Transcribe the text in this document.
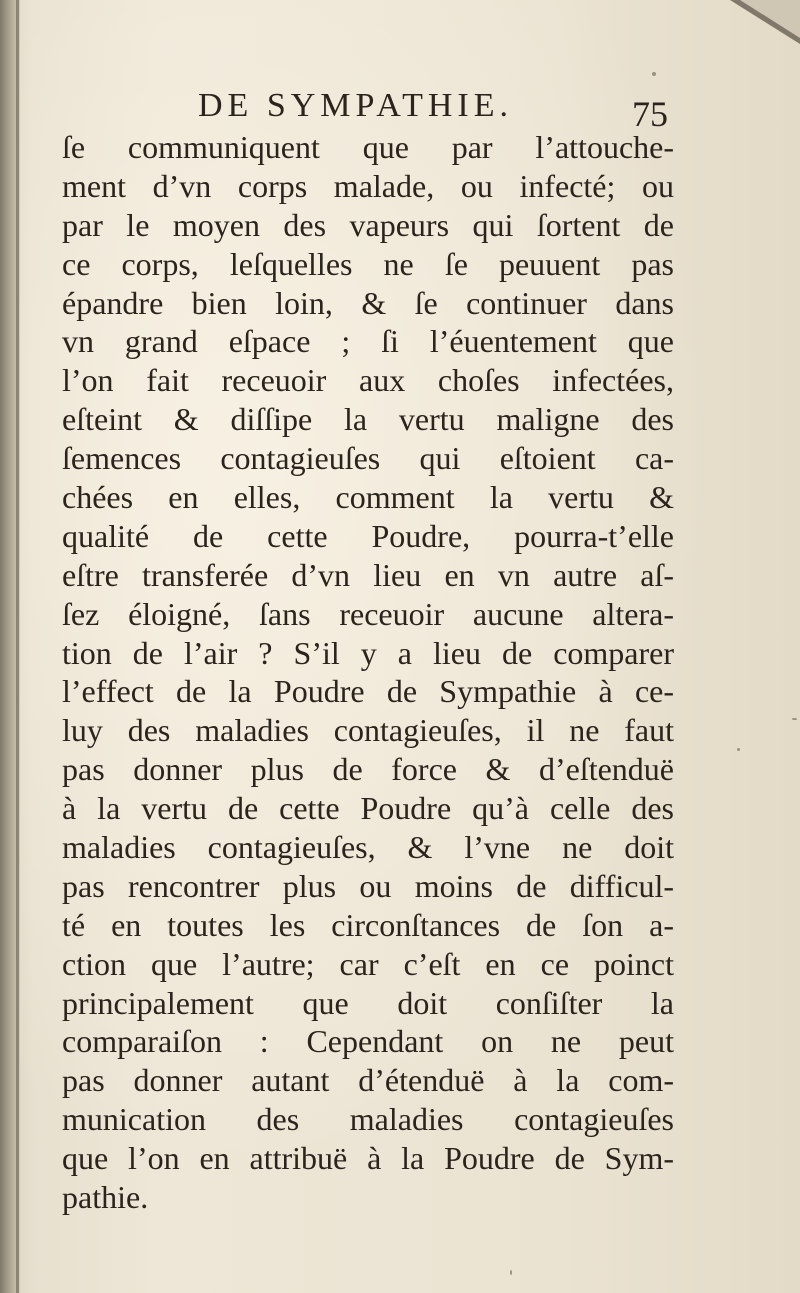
DE SYMPATHIE.	75
ſe communiquent que par l’attouche-
ment d’vn corps malade, ou infecté; ou
par le moyen des vapeurs qui ſortent de
ce corps, leſquelles ne ſe peuuent pas
épandre bien loin, & ſe continuer dans
vn grand eſpace ; ſi l’éuentement que
l’on fait receuoir aux choſes infectées,
eſteint & diſſipe la vertu maligne des
ſemences contagieuſes qui eſtoient ca-
chées en elles, comment la vertu &
qualité de cette Poudre, pourra-t’elle
eſtre transferée d’vn lieu en vn autre aſ-
ſez éloigné, ſans receuoir aucune altera-
tion de l’air ? S’il y a lieu de comparer
l’effect de la Poudre de Sympathie à ce-
luy des maladies contagieuſes, il ne faut
pas donner plus de force & d’eſtenduë
à la vertu de cette Poudre qu’à celle des
maladies contagieuſes, & l’vne ne doit
pas rencontrer plus ou moins de difficul-
té en toutes les circonſtances de ſon a-
ction que l’autre; car c’eſt en ce poinct
principalement que doit conſiſter la
comparaiſon : Cependant on ne peut
pas donner autant d’étenduë à la com-
munication des maladies contagieuſes
que l’on en attribuë à la Poudre de Sym-
pathie.
